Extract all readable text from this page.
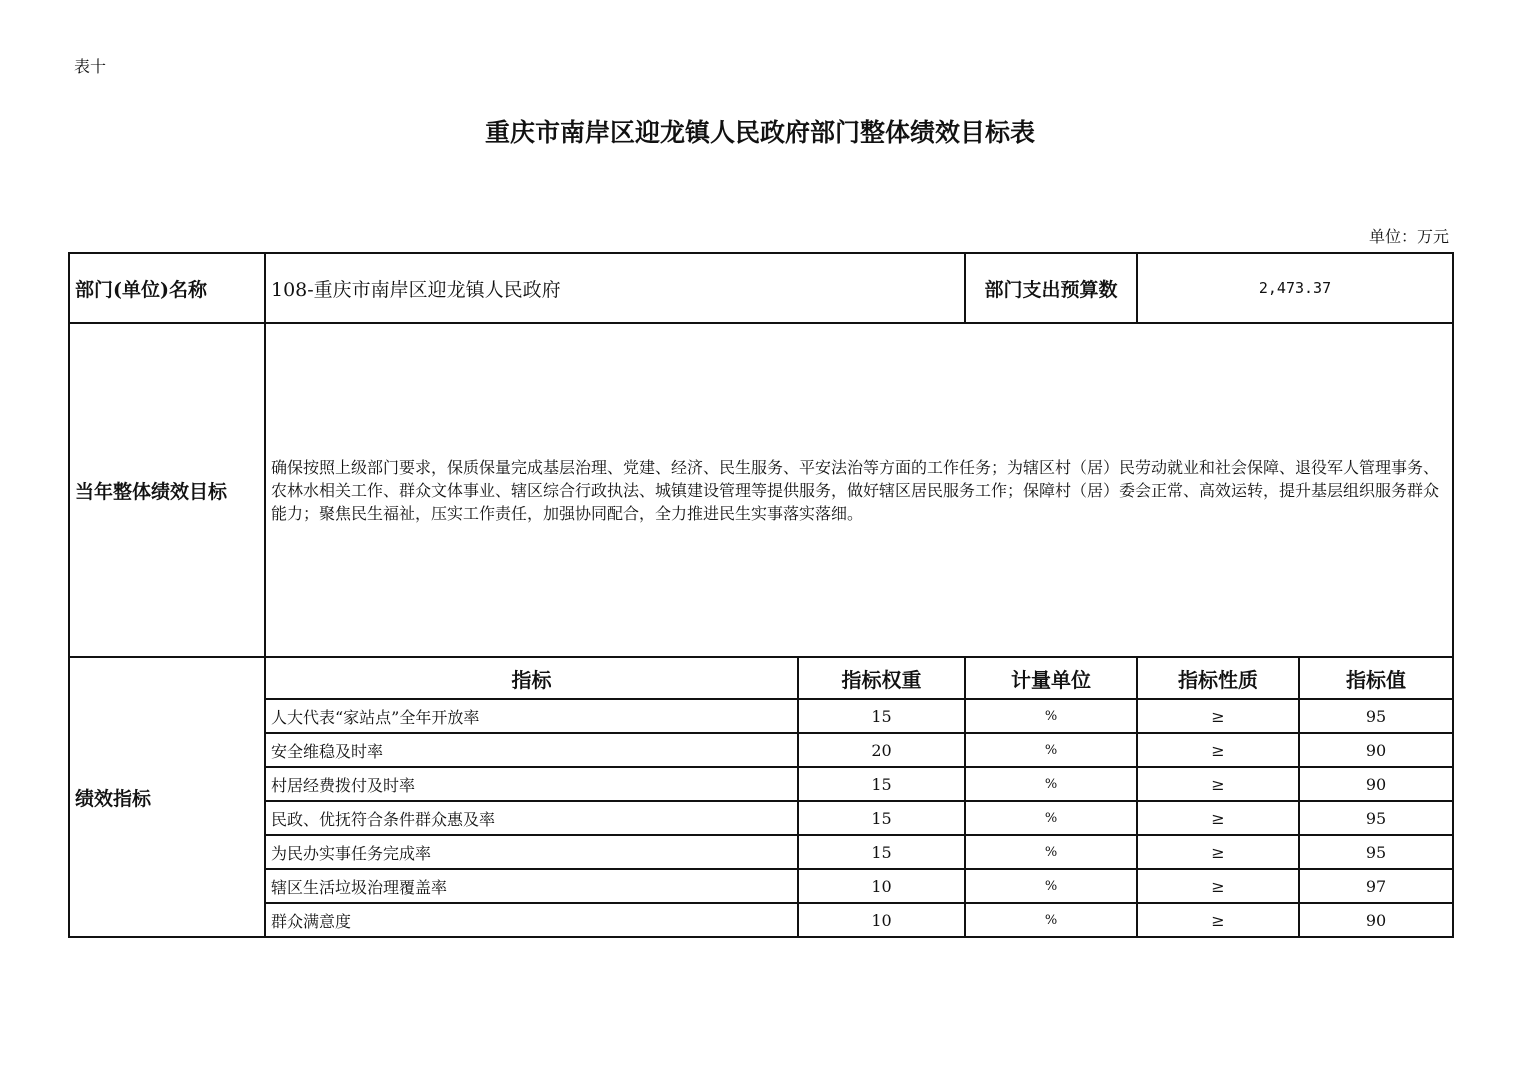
表十
重庆市南岸区迎龙镇人民政府部门整体绩效目标表
单位：万元
部门(单位)名称	108-重庆市南岸区迎龙镇人民政府		部门支出预算数	2,473.37	
当年整体绩效目标	确保按照上级部门要求，保质保量完成基层治理、党建、经济、民生服务、平安法治等方面的工作任务；为辖区村（居）民劳动就业和社会保障、退役军人管理事务、农林水相关工作、群众文体事业、辖区综合行政执法、城镇建设管理等提供服务，做好辖区居民服务工作；保障村（居）委会正常、高效运转，提升基层组织服务群众能力；聚焦民生福祉，压实工作责任，加强协同配合，全力推进民生实事落实落细。				
绩效指标	指标	指标权重	计量单位	指标性质	指标值
	人大代表“家站点”全年开放率	15	%	≥	95
	安全维稳及时率	20	%	≥	90
	村居经费拨付及时率	15	%	≥	90
	民政、优抚符合条件群众惠及率	15	%	≥	95
	为民办实事任务完成率	15	%	≥	95
	辖区生活垃圾治理覆盖率	10	%	≥	97
	群众满意度	10	%	≥	90
